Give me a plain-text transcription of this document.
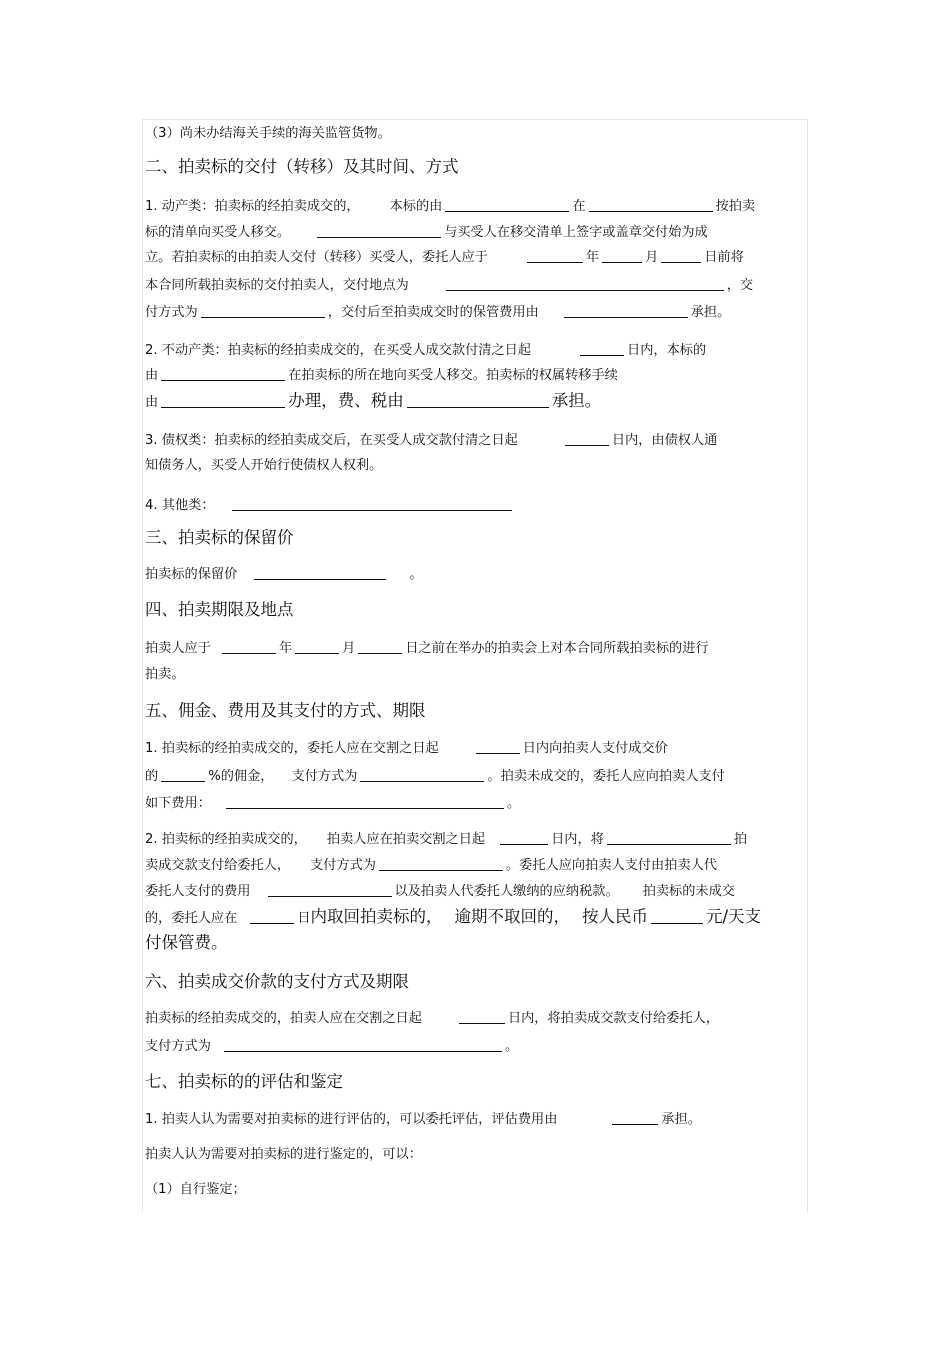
（3）尚未办结海关手续的海关监管货物。
二、拍卖标的交付（转移）及其时间、方式
1. 动产类：拍卖标的经拍卖成交的， 本标的由	在	按拍卖
标的清单向买受人移交。	与买受人在移交清单上签字或盖章交付始为成
立。若拍卖标的由拍卖人交付（转移）买受人，委托人应于	年	月	日前将
本合同所载拍卖标的交付拍卖人，交付地点为	，交
付方式为	，交付后至拍卖成交时的保管费用由	承担。
2. 不动产类：拍卖标的经拍卖成交的，在买受人成交款付清之日起	日内，本标的
由	在拍卖标的所在地向买受人移交。拍卖标的权属转移手续
由	办理，费、税由	承担。
3. 债权类：拍卖标的经拍卖成交后，在买受人成交款付清之日起	日内，由债权人通
知债务人，买受人开始行使债权人权利。
4. 其他类：
三、拍卖标的保留价
拍卖标的保留价	。
四、拍卖期限及地点
拍卖人应于	年	月	日之前在举办的拍卖会上对本合同所载拍卖标的进行
拍卖。
五、佣金、费用及其支付的方式、期限
1. 拍卖标的经拍卖成交的，委托人应在交割之日起	日内向拍卖人支付成交价
的	%的佣金， 支付方式为	。拍卖未成交的，委托人应向拍卖人支付
如下费用：	。
2. 拍卖标的经拍卖成交的， 拍卖人应在拍卖交割之日起	日内，将	拍
卖成交款支付给委托人， 支付方式为	。委托人应向拍卖人支付由拍卖人代
委托人支付的费用	以及拍卖人代委托人缴纳的应纳税款。 拍卖标的未成交
的，委托人应在	日内取回拍卖标的， 逾期不取回的， 按人民币	元/天支
付保管费。
六、拍卖成交价款的支付方式及期限
拍卖标的经拍卖成交的，拍卖人应在交割之日起	日内，将拍卖成交款支付给委托人，
支付方式为	。
七、拍卖标的的评估和鉴定
1. 拍卖人认为需要对拍卖标的进行评估的，可以委托评估，评估费用由	承担。
拍卖人认为需要对拍卖标的进行鉴定的，可以：
（1）自行鉴定；
